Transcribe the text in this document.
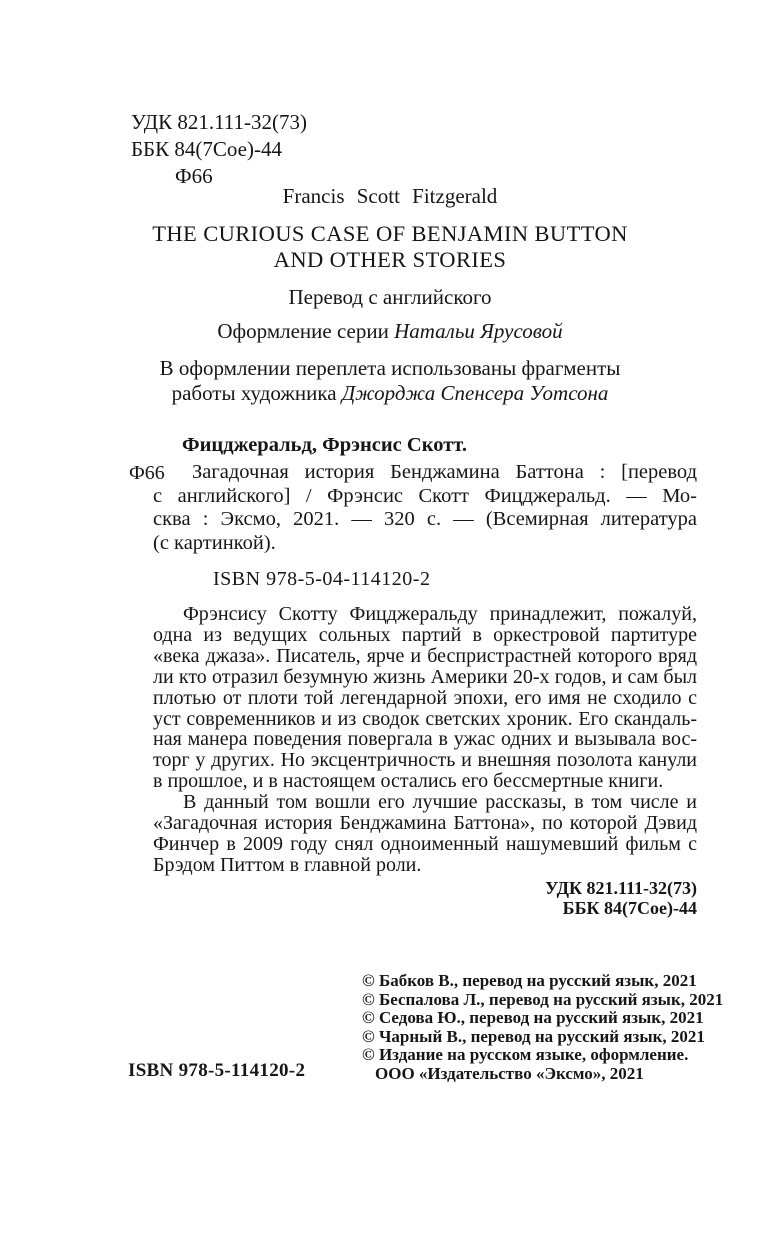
УДК 821.111-32(73)
ББК 84(7Сое)-44
Ф66
Francis Scott Fitzgerald
THE CURIOUS CASE OF BENJAMIN BUTTON
AND OTHER STORIES
Перевод с английского
Оформление серии Натальи Ярусовой
В оформлении переплета использованы фрагменты
работы художника Джорджа Спенсера Уотсона
Фицджеральд, Фрэнсис Скотт.
Ф66	Загадочная история Бенджамина Баттона : [перевод
с английского] / Фрэнсис Скотт Фицджеральд. — Мо-
сква : Эксмо, 2021. — 320 с. — (Всемирная литература
(с картинкой).
ISBN 978-5-04-114120-2
Фрэнсису Скотту Фицджеральду принадлежит, пожалуй,
одна из ведущих сольных партий в оркестровой партитуре
«века джаза». Писатель, ярче и беспристрастней которого вряд
ли кто отразил безумную жизнь Америки 20-х годов, и сам был
плотью от плоти той легендарной эпохи, его имя не сходило с
уст современников и из сводок светских хроник. Его скандаль-
ная манера поведения повергала в ужас одних и вызывала вос-
торг у других. Но эксцентричность и внешняя позолота канули
в прошлое, и в настоящем остались его бессмертные книги.
В данный том вошли его лучшие рассказы, в том числе и
«Загадочная история Бенджамина Баттона», по которой Дэвид
Финчер в 2009 году снял одноименный нашумевший фильм с
Брэдом Питтом в главной роли.
УДК 821.111-32(73)
ББК 84(7Сое)-44
© Бабков В., перевод на русский язык, 2021
© Беспалова Л., перевод на русский язык, 2021
© Седова Ю., перевод на русский язык, 2021
© Чарный В., перевод на русский язык, 2021
© Издание на русском языке, оформление.
ООО «Издательство «Эксмо», 2021
ISBN 978-5-114120-2
